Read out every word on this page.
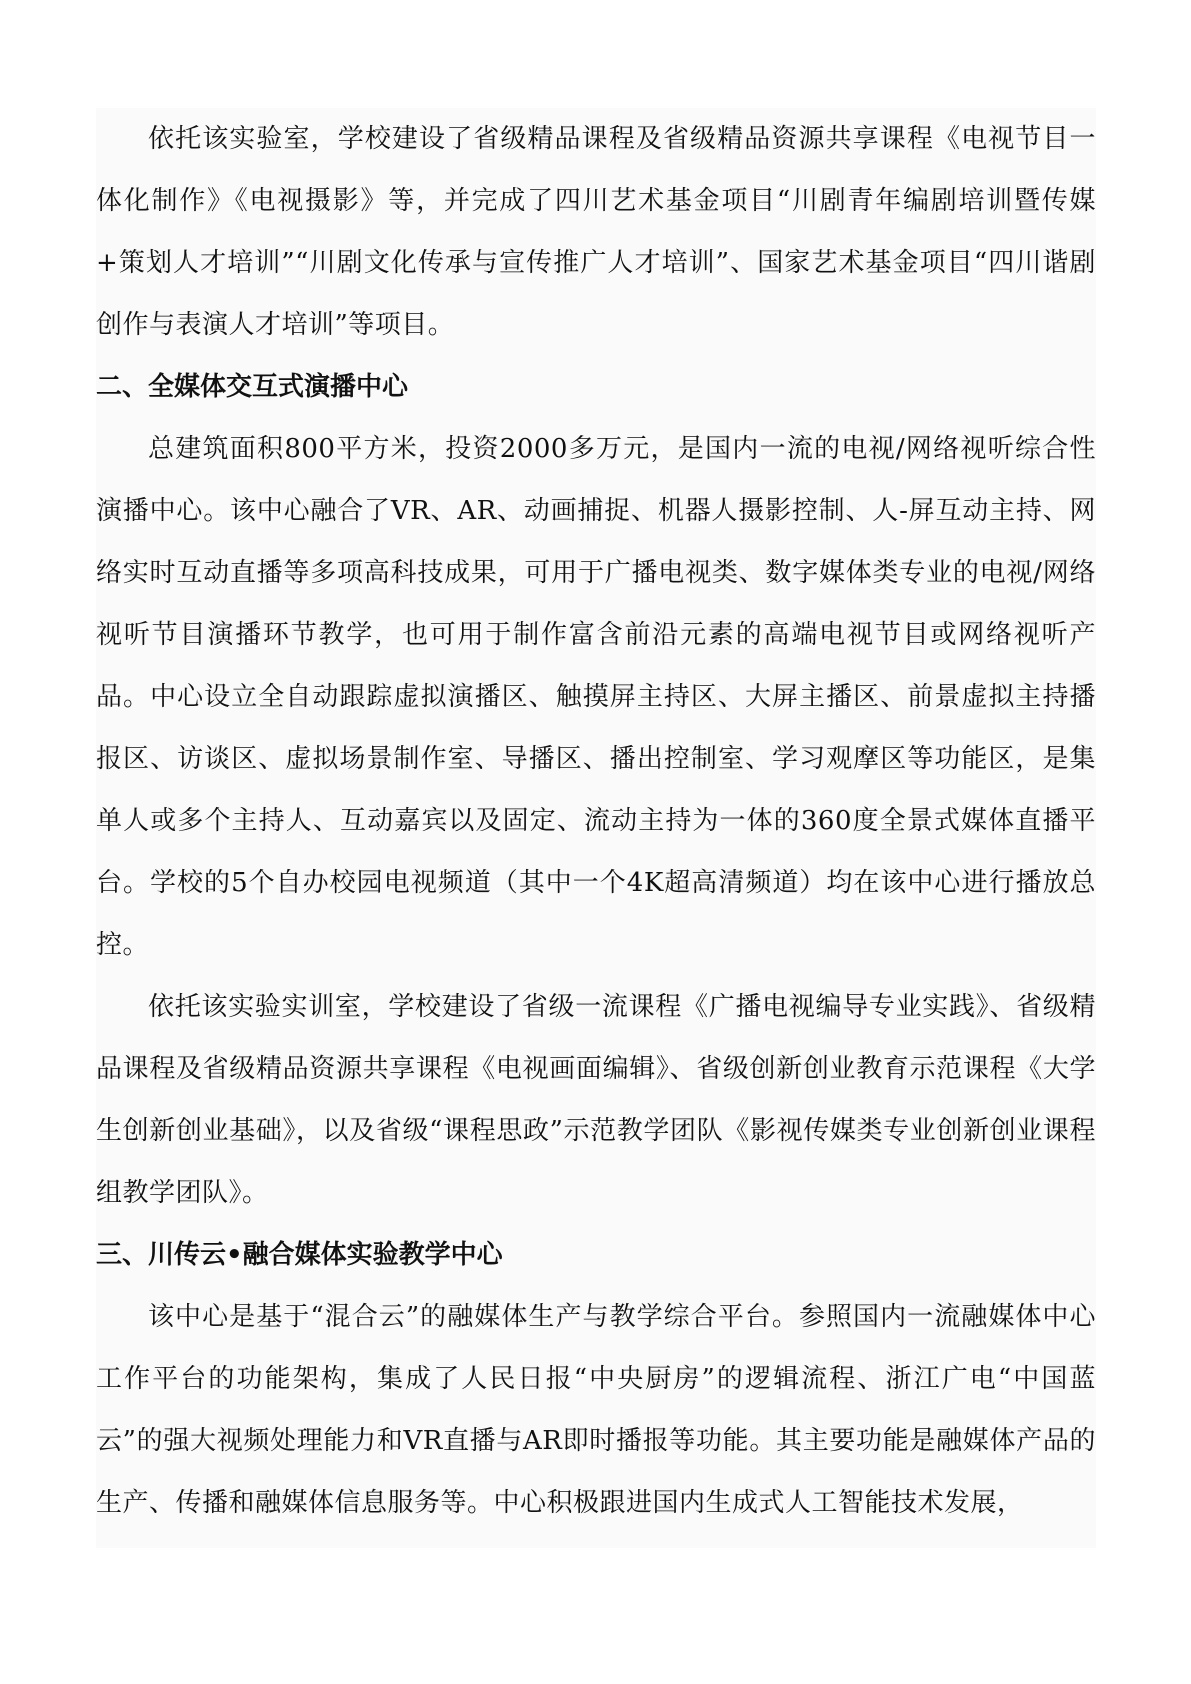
依托该实验室，学校建设了省级精品课程及省级精品资源共享课程《电视节目一体化制作》《电视摄影》等，并完成了四川艺术基金项目“川剧青年编剧培训暨传媒+策划人才培训”“川剧文化传承与宣传推广人才培训”、国家艺术基金项目“四川谐剧创作与表演人才培训”等项目。

二、全媒体交互式演播中心

总建筑面积800平方米，投资2000多万元，是国内一流的电视/网络视听综合性演播中心。该中心融合了VR、AR、动画捕捉、机器人摄影控制、人-屏互动主持、网络实时互动直播等多项高科技成果，可用于广播电视类、数字媒体类专业的电视/网络视听节目演播环节教学，也可用于制作富含前沿元素的高端电视节目或网络视听产品。中心设立全自动跟踪虚拟演播区、触摸屏主持区、大屏主播区、前景虚拟主持播报区、访谈区、虚拟场景制作室、导播区、播出控制室、学习观摩区等功能区，是集单人或多个主持人、互动嘉宾以及固定、流动主持为一体的360度全景式媒体直播平台。学校的5个自办校园电视频道（其中一个4K超高清频道）均在该中心进行播放总控。

依托该实验实训室，学校建设了省级一流课程《广播电视编导专业实践》、省级精品课程及省级精品资源共享课程《电视画面编辑》、省级创新创业教育示范课程《大学生创新创业基础》，以及省级“课程思政”示范教学团队《影视传媒类专业创新创业课程组教学团队》。

三、川传云•融合媒体实验教学中心

该中心是基于“混合云”的融媒体生产与教学综合平台。参照国内一流融媒体中心工作平台的功能架构，集成了人民日报“中央厨房”的逻辑流程、浙江广电“中国蓝云”的强大视频处理能力和VR直播与AR即时播报等功能。其主要功能是融媒体产品的生产、传播和融媒体信息服务等。中心积极跟进国内生成式人工智能技术发展，
